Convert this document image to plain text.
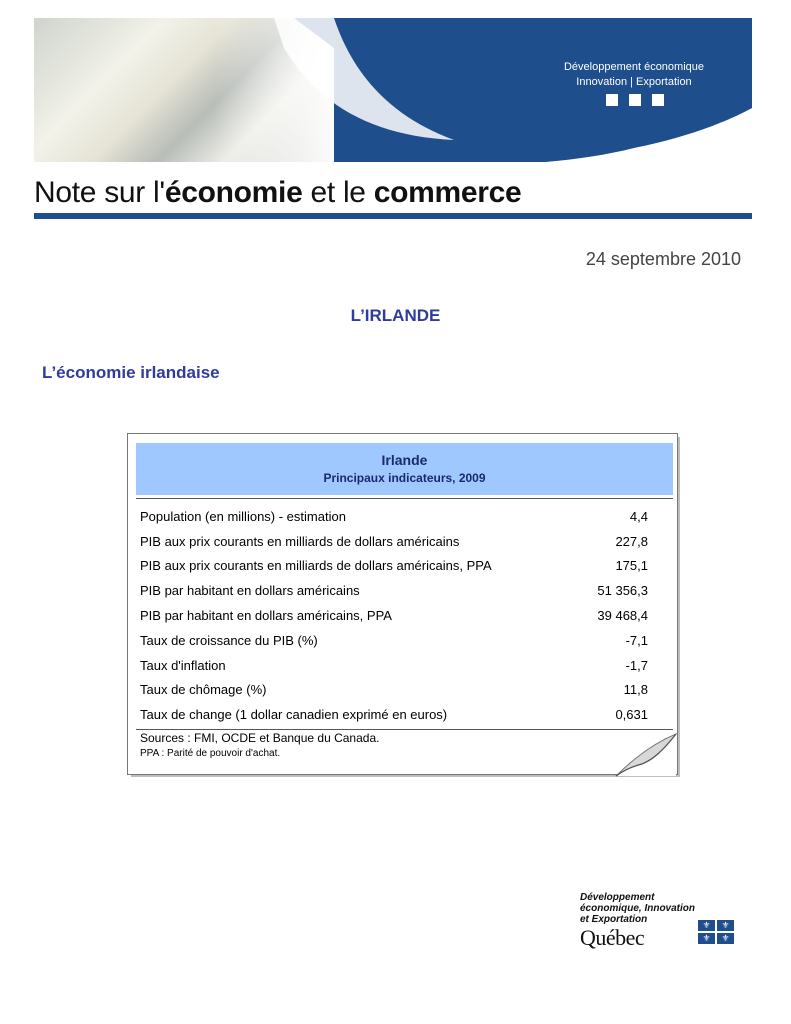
Développement économique
Innovation | Exportation
Note sur l'économie et le commerce
24 septembre 2010
L’IRLANDE
L’économie irlandaise
Irlande
Principaux indicateurs, 2009
Population (en millions) - estimation	4,4
PIB aux prix courants en milliards de dollars américains	227,8
PIB aux prix courants en milliards de dollars américains, PPA	175,1
PIB par habitant en dollars américains	51 356,3
PIB par habitant en dollars américains, PPA	39 468,4
Taux de croissance du PIB (%)	-7,1
Taux d'inflation	-1,7
Taux de chômage (%)	11,8
Taux de change (1 dollar canadien exprimé en euros)	0,631
Sources : FMI, OCDE et Banque du Canada.
PPA : Parité de pouvoir d'achat.
Développement
économique, Innovation
et Exportation
Québec	⚜	⚜
⚜	⚜
